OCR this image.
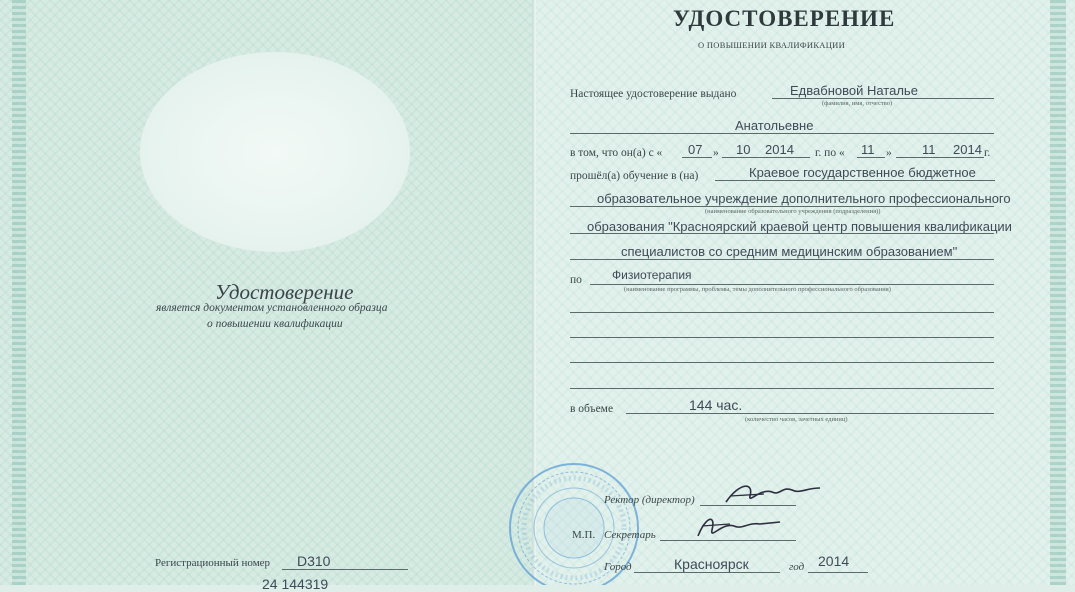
Удостоверение
является документом установленного образца
о повышении квалификации
Регистрационный номер D310
24 144319
УДОСТОВЕРЕНИЕ
О ПОВЫШЕНИИ КВАЛИФИКАЦИИ
Настоящее удостоверение выдано	Едвабновой Наталье
(фамилия, имя, отчество)
Анатольевне
в том, что он(а) с « 07 » 10 2014 г. по « 11 » 11 2014 г.
прошёл(а) обучение в (на)	Краевое государственное бюджетное
образовательное учреждение дополнительного профессионального
(наименование образовательного учреждения (подразделения))
образования "Красноярский краевой центр повышения квалификации
специалистов со средним медицинским образованием"
по	Физиотерапия
(наименование программы, проблемы, темы дополнительного профессионального образования)
в объеме	144 час.
(количество часов, зачетных единиц)
Ректор (директор)
М.П. Секретарь
Город	Красноярск	год 2014
